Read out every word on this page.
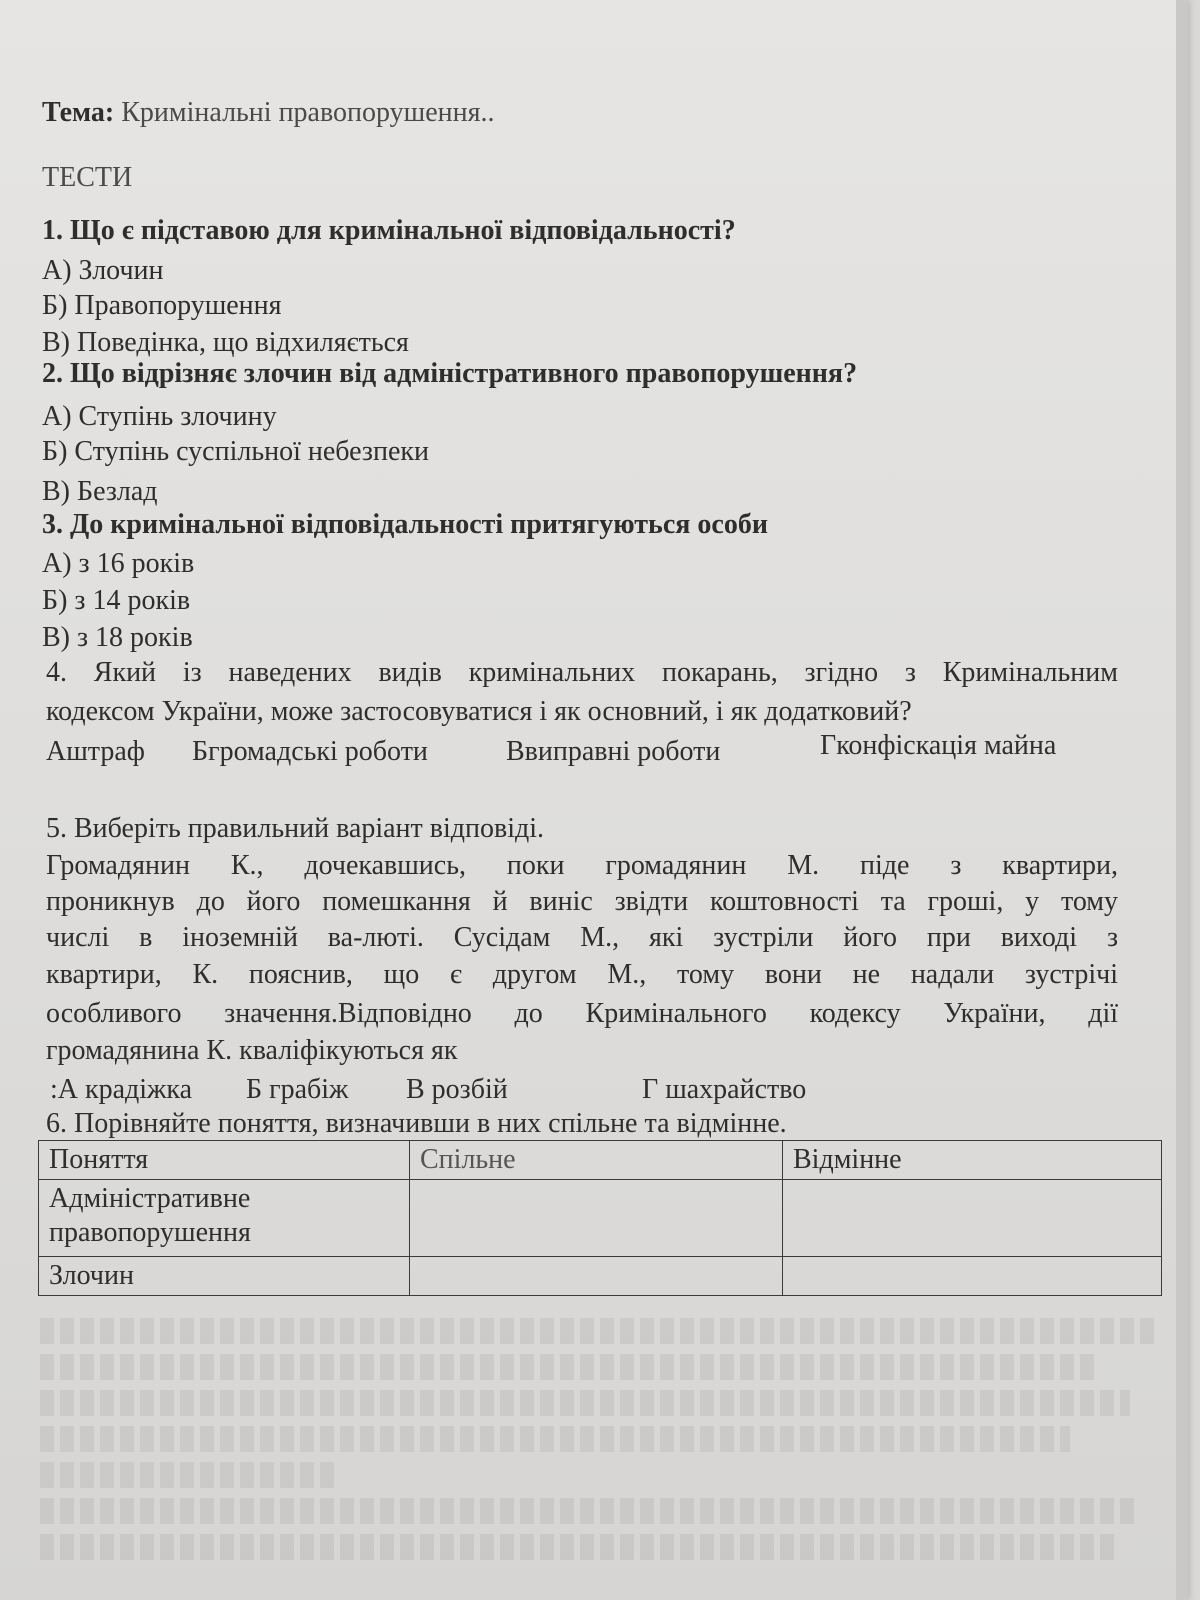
Тема: Кримінальні правопорушення..
ТЕСТИ
1. Що є підставою для кримінальної відповідальності?
А) Злочин
Б) Правопорушення
В) Поведінка, що відхиляється
2. Що відрізняє злочин від адміністративного правопорушення?
А) Ступінь злочину
Б) Ступінь суспільної небезпеки
В) Безлад
3. До кримінальної відповідальності притягуються особи
А) з 16 років
Б) з 14 років
В) з 18 років
4. Який із наведених видів кримінальних покарань, згідно з Кримінальним
кодексом України, може застосовуватися і як основний, і як додатковий?
Аштраф Бгромадські роботи	Ввиправні роботи	Гконфіскація майна
5. Виберіть правильний варіант відповіді.
Громадянин К., дочекавшись, поки громадянин М. піде з квартири,
проникнув до його помешкання й виніс звідти коштовності та гроші, у тому
числі в іноземній ва-люті. Сусідам М., які зустріли його при виході з
квартири, К. пояснив, що є другом М., тому вони не надали зустрічі
особливого значення.Відповідно до Кримінального кодексу України, дії
громадянина К. кваліфікуються як
:А крадіжка Б грабіж В розбій	Г шахрайство
6. Порівняйте поняття, визначивши в них спільне та відмінне.
Поняття	Спільне	Відмінне
Адміністративне правопорушення		
Злочин		
